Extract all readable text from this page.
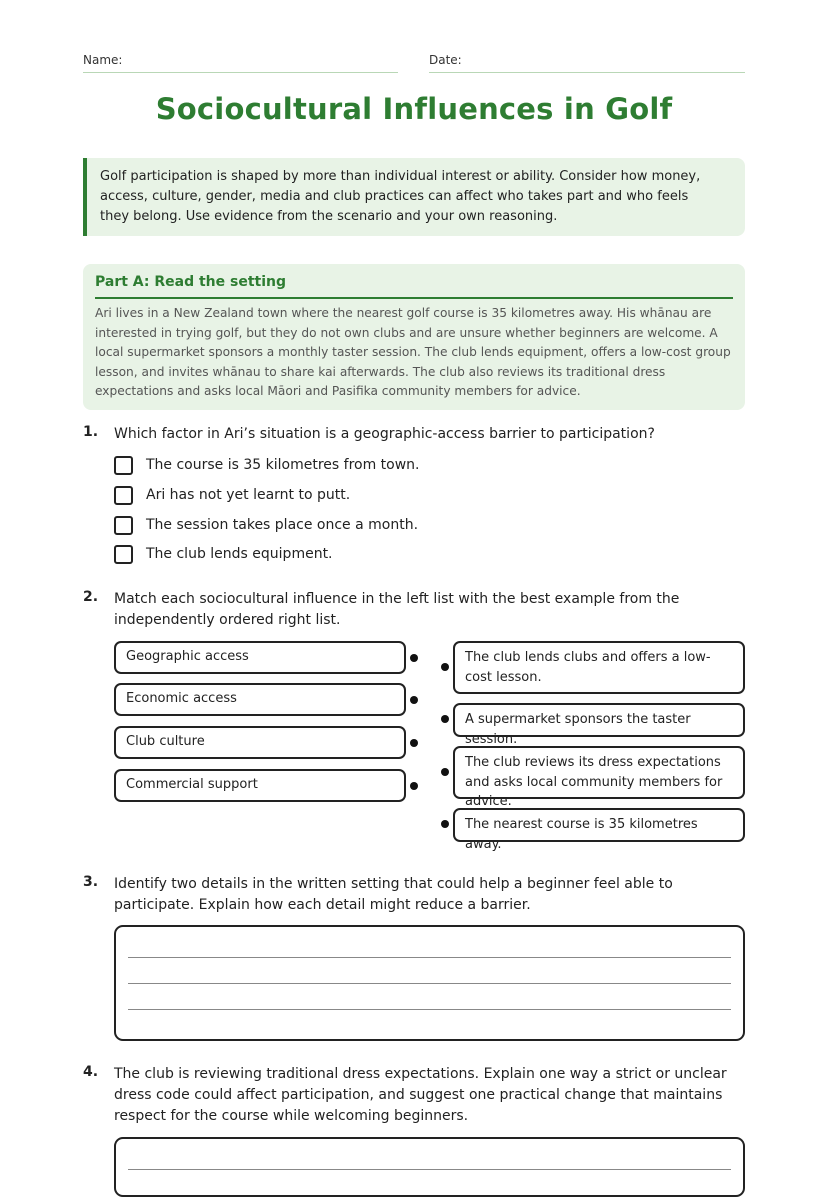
Name:	Date:
Sociocultural Influences in Golf
Golf participation is shaped by more than individual interest or ability. Consider how money, access, culture, gender, media and club practices can affect who takes part and who feels they belong. Use evidence from the scenario and your own reasoning.
Part A: Read the setting
Ari lives in a New Zealand town where the nearest golf course is 35 kilometres away. His whānau are interested in trying golf, but they do not own clubs and are unsure whether beginners are welcome. A local supermarket sponsors a monthly taster session. The club lends equipment, offers a low-cost group lesson, and invites whānau to share kai afterwards. The club also reviews its traditional dress expectations and asks local Māori and Pasifika community members for advice.
1. Which factor in Ari’s situation is a geographic-access barrier to participation?
The course is 35 kilometres from town.
Ari has not yet learnt to putt.
The session takes place once a month.
The club lends equipment.
2. Match each sociocultural influence in the left list with the best example from the independently ordered right list.
Geographic access
Economic access
Club culture
Commercial support
The club lends clubs and offers a low-cost lesson.
A supermarket sponsors the taster session.
The club reviews its dress expectations and asks local community members for advice.
The nearest course is 35 kilometres away.
3. Identify two details in the written setting that could help a beginner feel able to participate. Explain how each detail might reduce a barrier.
4. The club is reviewing traditional dress expectations. Explain one way a strict or unclear dress code could affect participation, and suggest one practical change that maintains respect for the course while welcoming beginners.
